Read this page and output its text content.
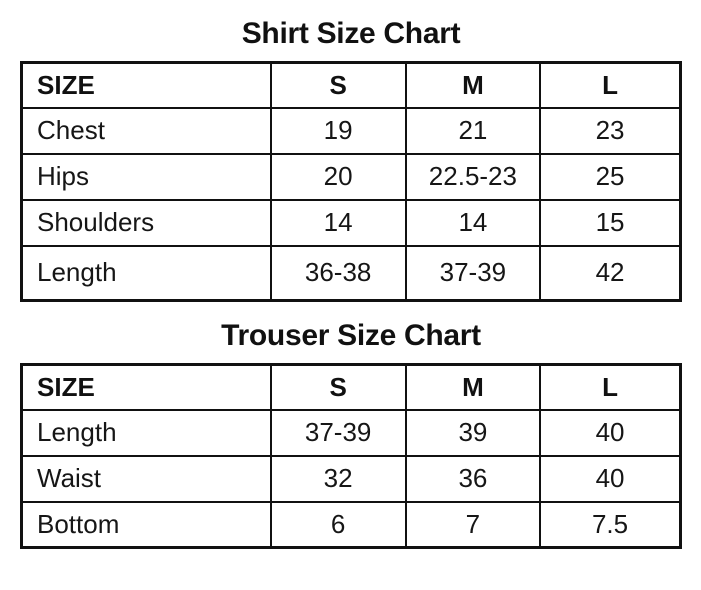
Shirt Size Chart
SIZE	S	M	L
Chest	19	21	23
Hips	20	22.5-23	25
Shoulders	14	14	15
Length	36-38	37-39	42
Trouser Size Chart
SIZE	S	M	L
Length	37-39	39	40
Waist	32	36	40
Bottom	6	7	7.5
